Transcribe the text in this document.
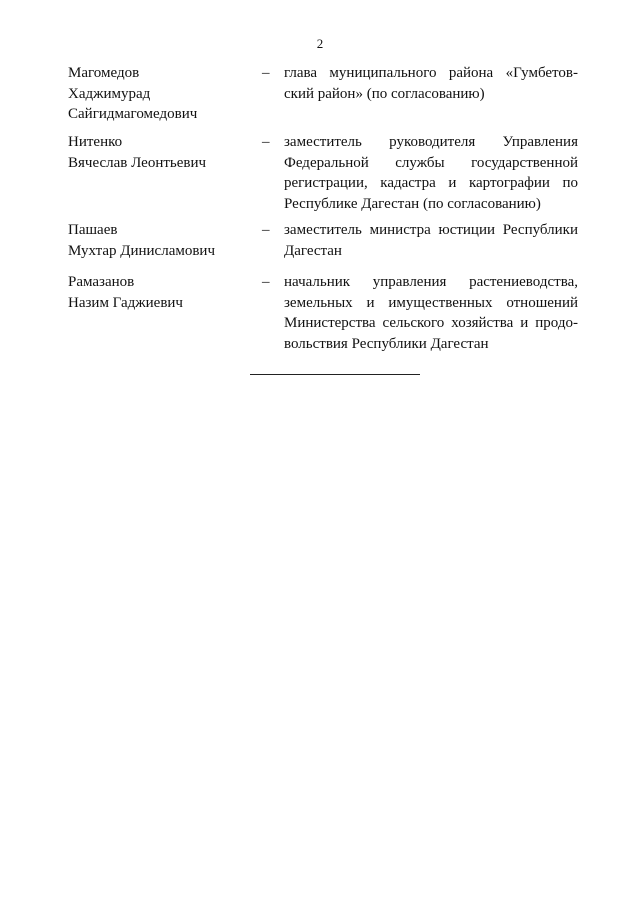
2
Магомедов
Хаджимурад
Сайгидмагомедович
– глава муниципального района «Гумбетов-
ский район» (по согласованию)
Нитенко
Вячеслав Леонтьевич
– заместитель руководителя Управления
Федеральной службы государственной
регистрации, кадастра и картографии по
Республике Дагестан (по согласованию)
Пашаев
Мухтар Динисламович
– заместитель министра юстиции Республики
Дагестан
Рамазанов
Назим Гаджиевич
– начальник управления растениеводства,
земельных и имущественных отношений
Министерства сельского хозяйства и продо-
вольствия Республики Дагестан
